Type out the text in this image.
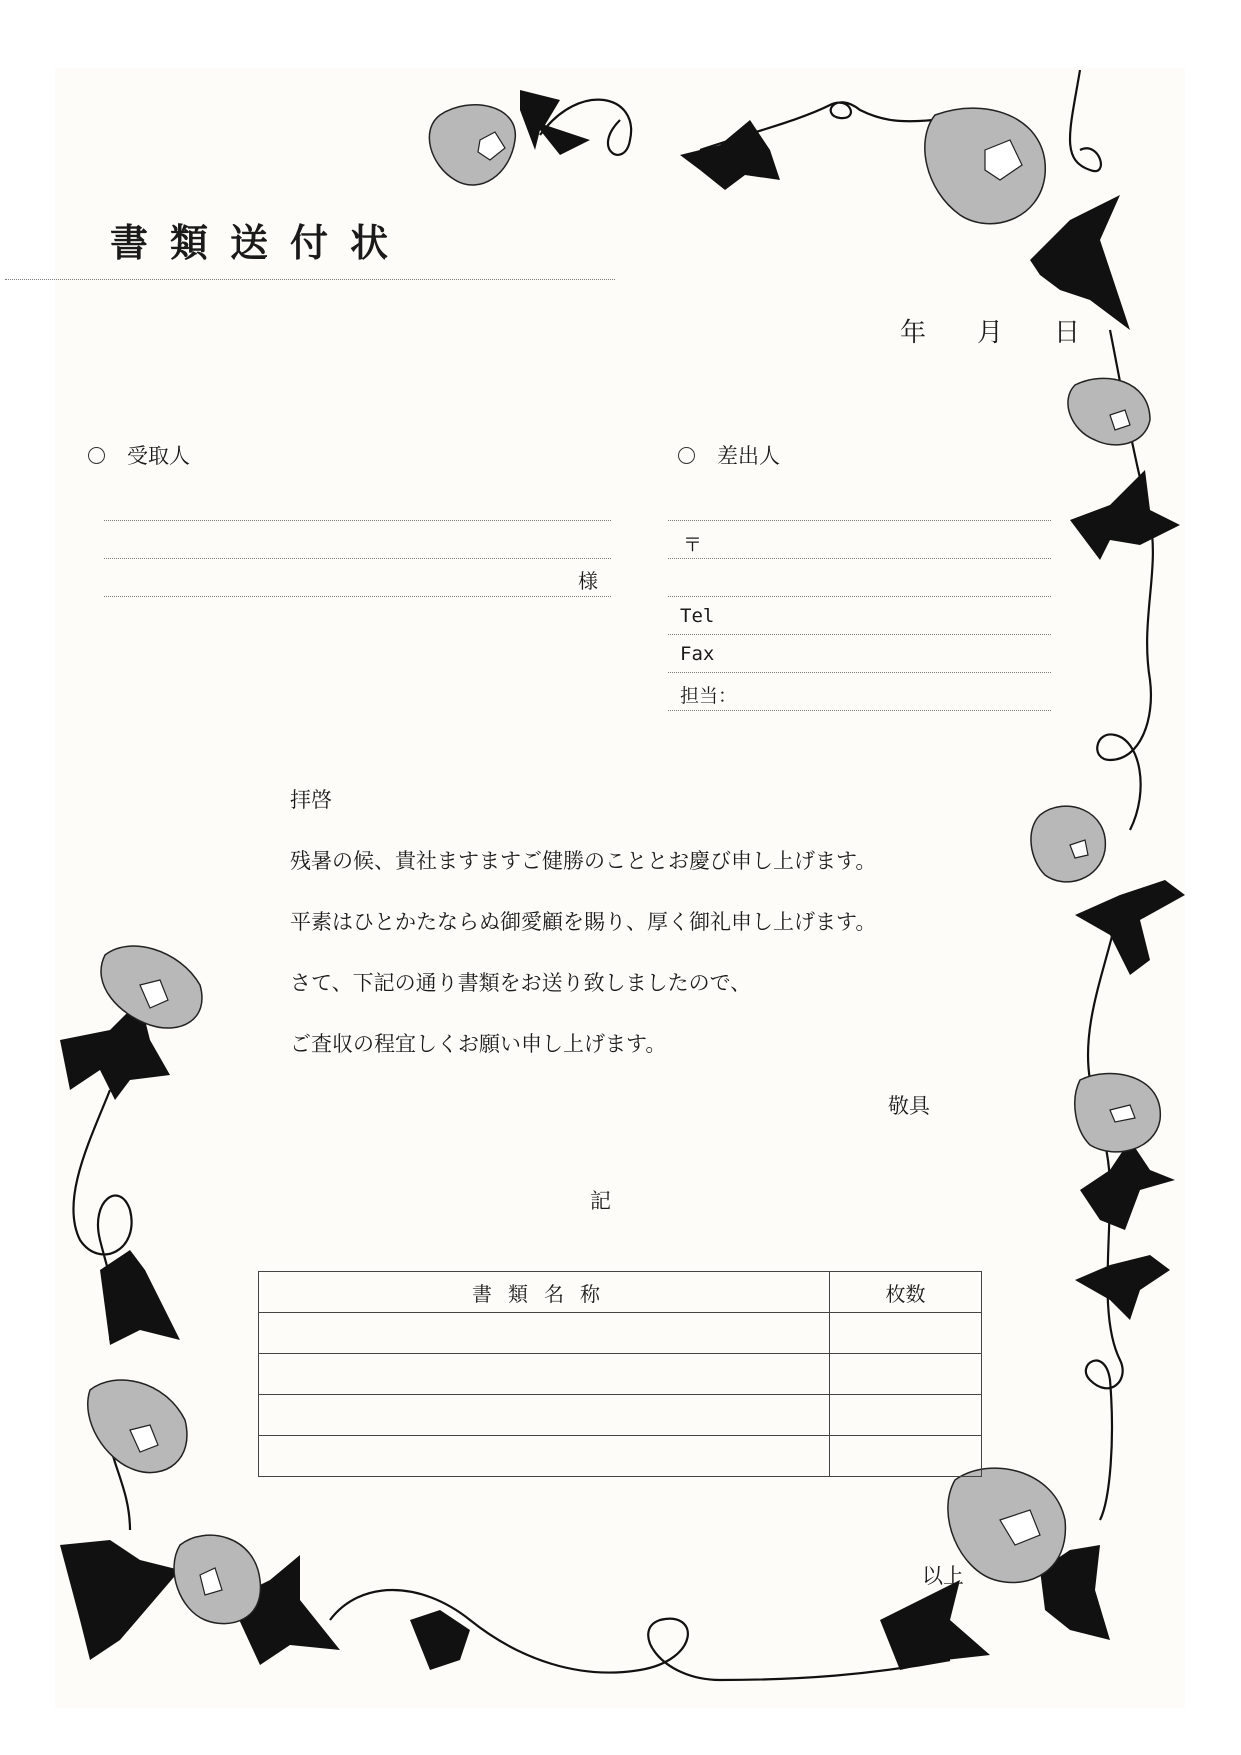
書類送付状
年 月 日
受取人
様
差出人
〒
Tel
Fax
担当：

拝啓

残暑の候、貴社ますますご健勝のこととお慶び申し上げます。

平素はひとかたならぬ御愛顧を賜り、厚く御礼申し上げます。

さて、下記の通り書類をお送り致しましたので、

ご査収の程宜しくお願い申し上げます。

敬具

記

書類名称	枚数

以上
